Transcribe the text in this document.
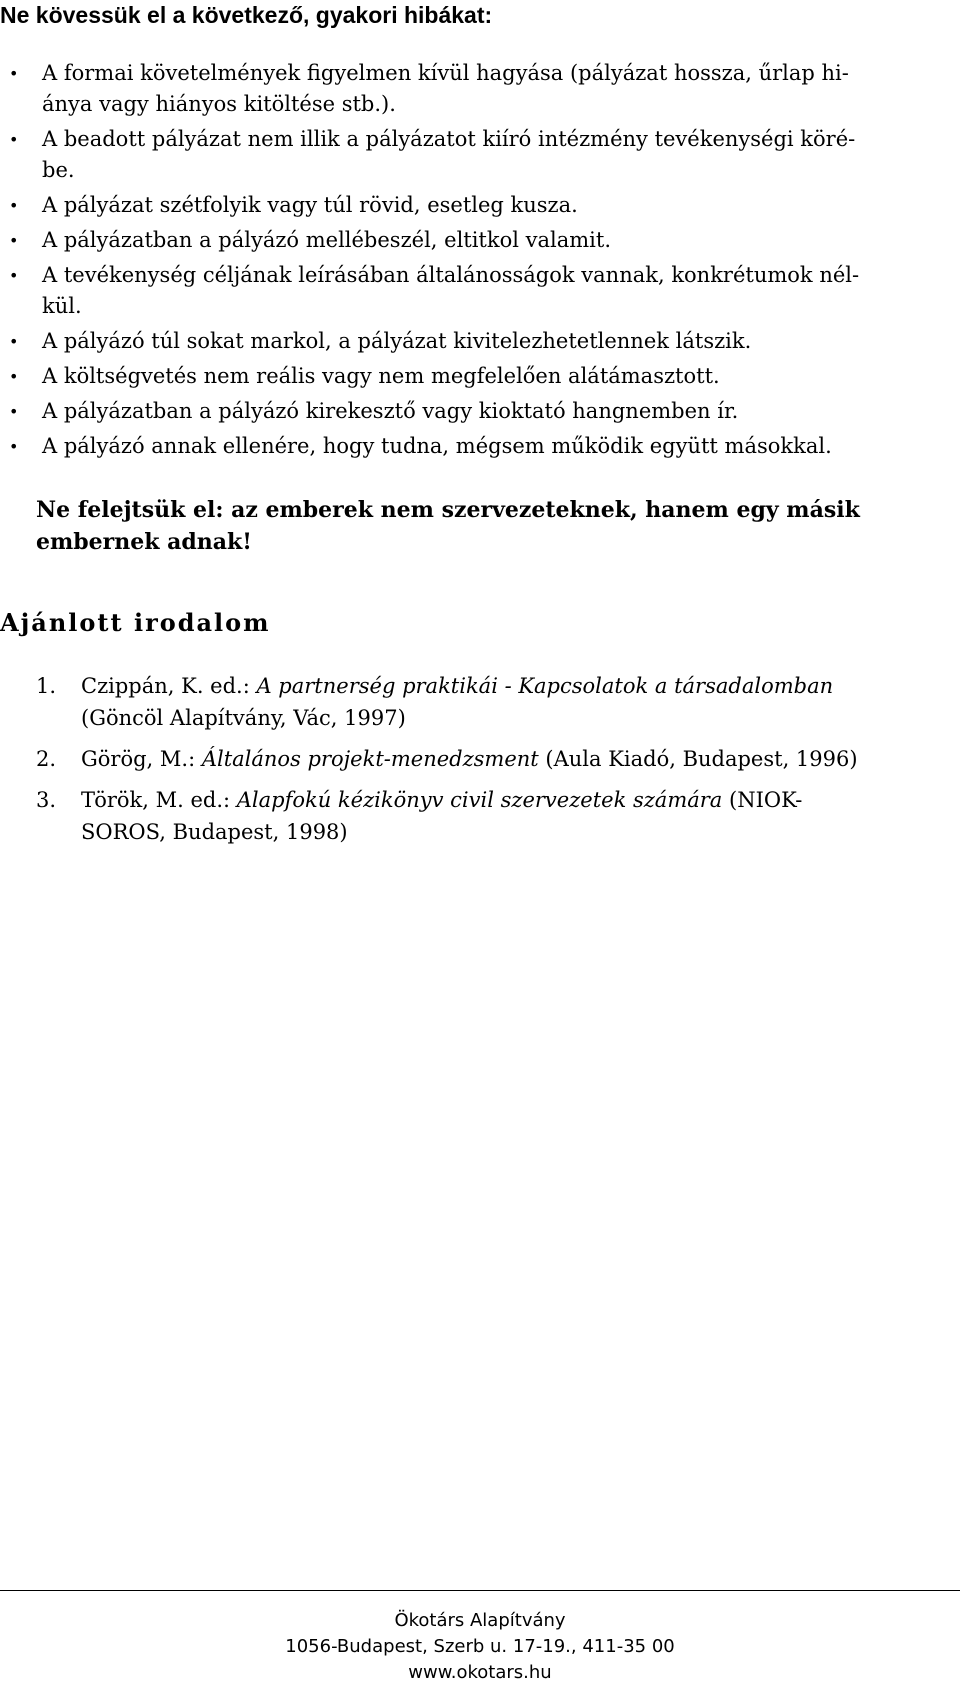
Ne kövessük el a következő, gyakori hibákat:
• A formai követelmények figyelmen kívül hagyása (pályázat hossza, űrlap hi-
ánya vagy hiányos kitöltése stb.).
• A beadott pályázat nem illik a pályázatot kiíró intézmény tevékenységi köré-
be.
• A pályázat szétfolyik vagy túl rövid, esetleg kusza.
• A pályázatban a pályázó mellébeszél, eltitkol valamit.
• A tevékenység céljának leírásában általánosságok vannak, konkrétumok nél-
kül.
• A pályázó túl sokat markol, a pályázat kivitelezhetetlennek látszik.
• A költségvetés nem reális vagy nem megfelelően alátámasztott.
• A pályázatban a pályázó kirekesztő vagy kioktató hangnemben ír.
• A pályázó annak ellenére, hogy tudna, mégsem működik együtt másokkal.
Ne felejtsük el: az emberek nem szervezeteknek, hanem egy másik
embernek adnak!
Ajánlott irodalom
1. Czippán, K. ed.: A partnerség praktikái - Kapcsolatok a társadalomban
(Göncöl Alapítvány, Vác, 1997)
2. Görög, M.: Általános projekt-menedzsment (Aula Kiadó, Budapest, 1996)
3. Török, M. ed.: Alapfokú kézikönyv civil szervezetek számára (NIOK-
SOROS, Budapest, 1998)
Ökotárs Alapítvány
1056-Budapest, Szerb u. 17-19., 411-35 00
www.okotars.hu
